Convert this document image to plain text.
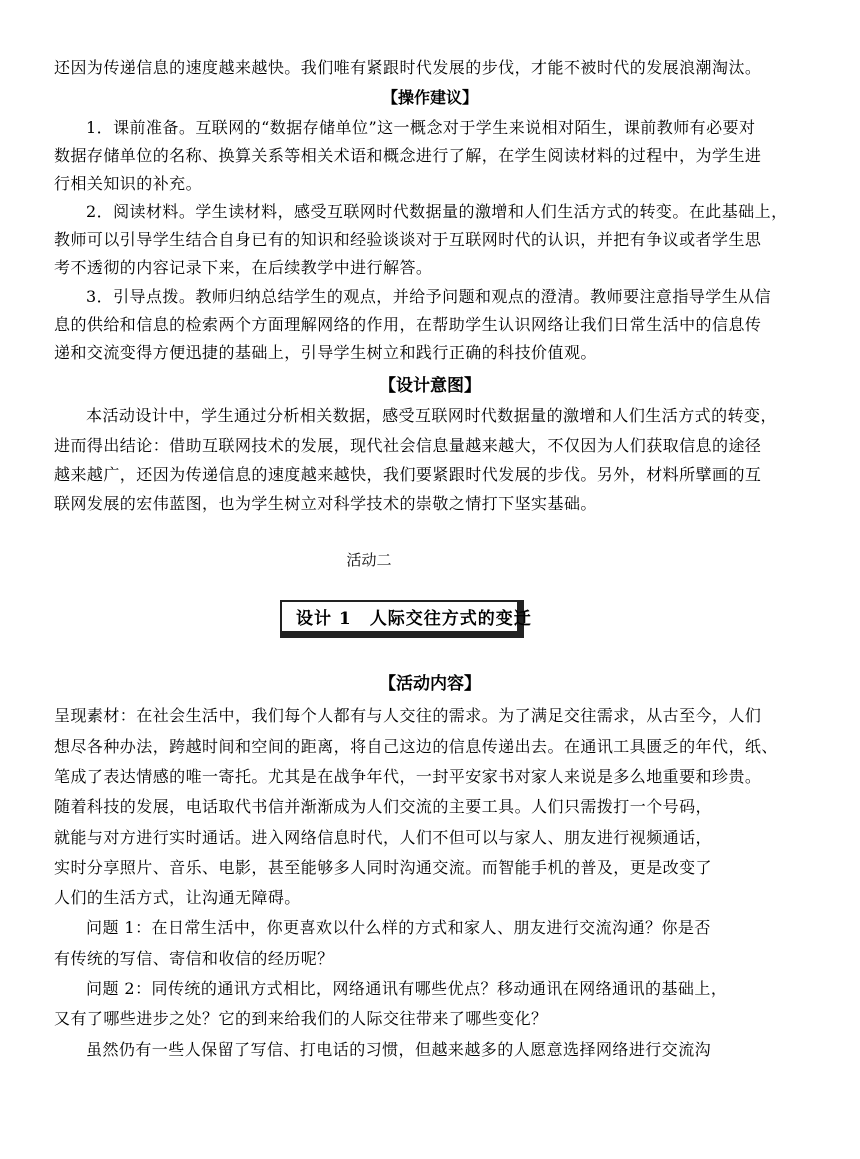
还因为传递信息的速度越来越快。我们唯有紧跟时代发展的步伐，才能不被时代的发展浪潮淘汰。
【操作建议】
1．课前准备。互联网的“数据存储单位”这一概念对于学生来说相对陌生，课前教师有必要对
数据存储单位的名称、换算关系等相关术语和概念进行了解，在学生阅读材料的过程中，为学生进
行相关知识的补充。
2．阅读材料。学生读材料，感受互联网时代数据量的激增和人们生活方式的转变。在此基础上，
教师可以引导学生结合自身已有的知识和经验谈谈对于互联网时代的认识，并把有争议或者学生思
考不透彻的内容记录下来，在后续教学中进行解答。
3．引导点拨。教师归纳总结学生的观点，并给予问题和观点的澄清。教师要注意指导学生从信
息的供给和信息的检索两个方面理解网络的作用，在帮助学生认识网络让我们日常生活中的信息传
递和交流变得方便迅捷的基础上，引导学生树立和践行正确的科技价值观。
【设计意图】
本活动设计中，学生通过分析相关数据，感受互联网时代数据量的激增和人们生活方式的转变，
进而得出结论：借助互联网技术的发展，现代社会信息量越来越大，不仅因为人们获取信息的途径
越来越广，还因为传递信息的速度越来越快，我们要紧跟时代发展的步伐。另外，材料所擘画的互
联网发展的宏伟蓝图，也为学生树立对科学技术的崇敬之情打下坚实基础。
活动二
设计 1　人际交往方式的变迁
【活动内容】
呈现素材：在社会生活中，我们每个人都有与人交往的需求。为了满足交往需求，从古至今，人们
想尽各种办法，跨越时间和空间的距离，将自己这边的信息传递出去。在通讯工具匮乏的年代，纸、
笔成了表达情感的唯一寄托。尤其是在战争年代，一封平安家书对家人来说是多么地重要和珍贵。
随着科技的发展，电话取代书信并渐渐成为人们交流的主要工具。人们只需拨打一个号码，
就能与对方进行实时通话。进入网络信息时代，人们不但可以与家人、朋友进行视频通话，
实时分享照片、音乐、电影，甚至能够多人同时沟通交流。而智能手机的普及，更是改变了
人们的生活方式，让沟通无障碍。
问题 1：在日常生活中，你更喜欢以什么样的方式和家人、朋友进行交流沟通？你是否
有传统的写信、寄信和收信的经历呢？
问题 2：同传统的通讯方式相比，网络通讯有哪些优点？移动通讯在网络通讯的基础上，
又有了哪些进步之处？它的到来给我们的人际交往带来了哪些变化？
虽然仍有一些人保留了写信、打电话的习惯，但越来越多的人愿意选择网络进行交流沟
